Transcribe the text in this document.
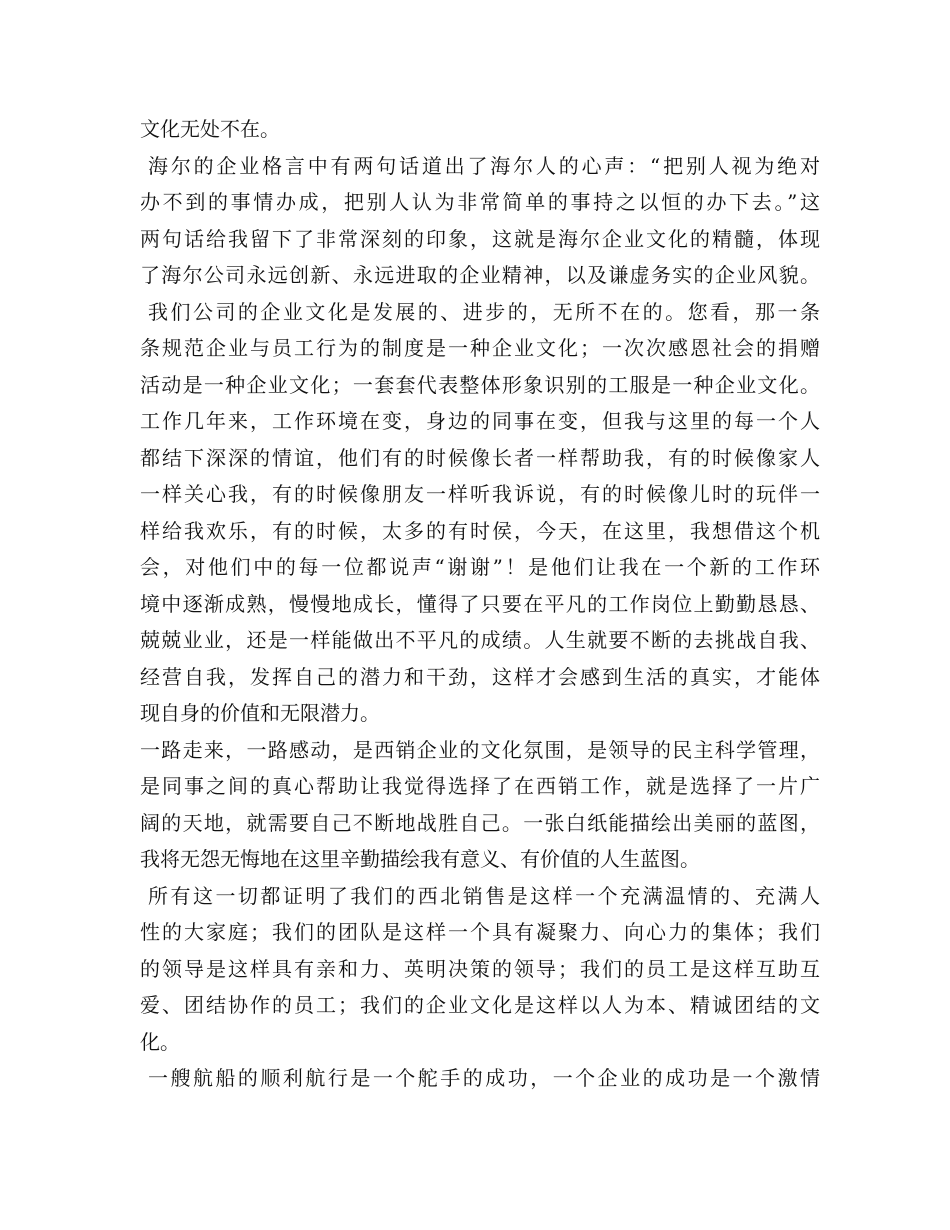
文化无处不在。
海尔的企业格言中有两句话道出了海尔人的心声：“把别人视为绝对
办不到的事情办成，把别人认为非常简单的事持之以恒的办下去。”这
两句话给我留下了非常深刻的印象，这就是海尔企业文化的精髓，体现
了海尔公司永远创新、永远进取的企业精神，以及谦虚务实的企业风貌。
我们公司的企业文化是发展的、进步的，无所不在的。您看，那一条
条规范企业与员工行为的制度是一种企业文化；一次次感恩社会的捐赠
活动是一种企业文化；一套套代表整体形象识别的工服是一种企业文化。
工作几年来，工作环境在变，身边的同事在变，但我与这里的每一个人
都结下深深的情谊，他们有的时候像长者一样帮助我，有的时候像家人
一样关心我，有的时候像朋友一样听我诉说，有的时候像儿时的玩伴一
样给我欢乐，有的时候，太多的有时侯，今天，在这里，我想借这个机
会，对他们中的每一位都说声“谢谢”！是他们让我在一个新的工作环
境中逐渐成熟，慢慢地成长，懂得了只要在平凡的工作岗位上勤勤恳恳、
兢兢业业，还是一样能做出不平凡的成绩。人生就要不断的去挑战自我、
经营自我，发挥自己的潜力和干劲，这样才会感到生活的真实，才能体
现自身的价值和无限潜力。
一路走来，一路感动，是西销企业的文化氛围，是领导的民主科学管理，
是同事之间的真心帮助让我觉得选择了在西销工作，就是选择了一片广
阔的天地，就需要自己不断地战胜自己。一张白纸能描绘出美丽的蓝图，
我将无怨无悔地在这里辛勤描绘我有意义、有价值的人生蓝图。
所有这一切都证明了我们的西北销售是这样一个充满温情的、充满人
性的大家庭；我们的团队是这样一个具有凝聚力、向心力的集体；我们
的领导是这样具有亲和力、英明决策的领导；我们的员工是这样互助互
爱、团结协作的员工；我们的企业文化是这样以人为本、精诚团结的文
化。
一艘航船的顺利航行是一个舵手的成功，一个企业的成功是一个激情
